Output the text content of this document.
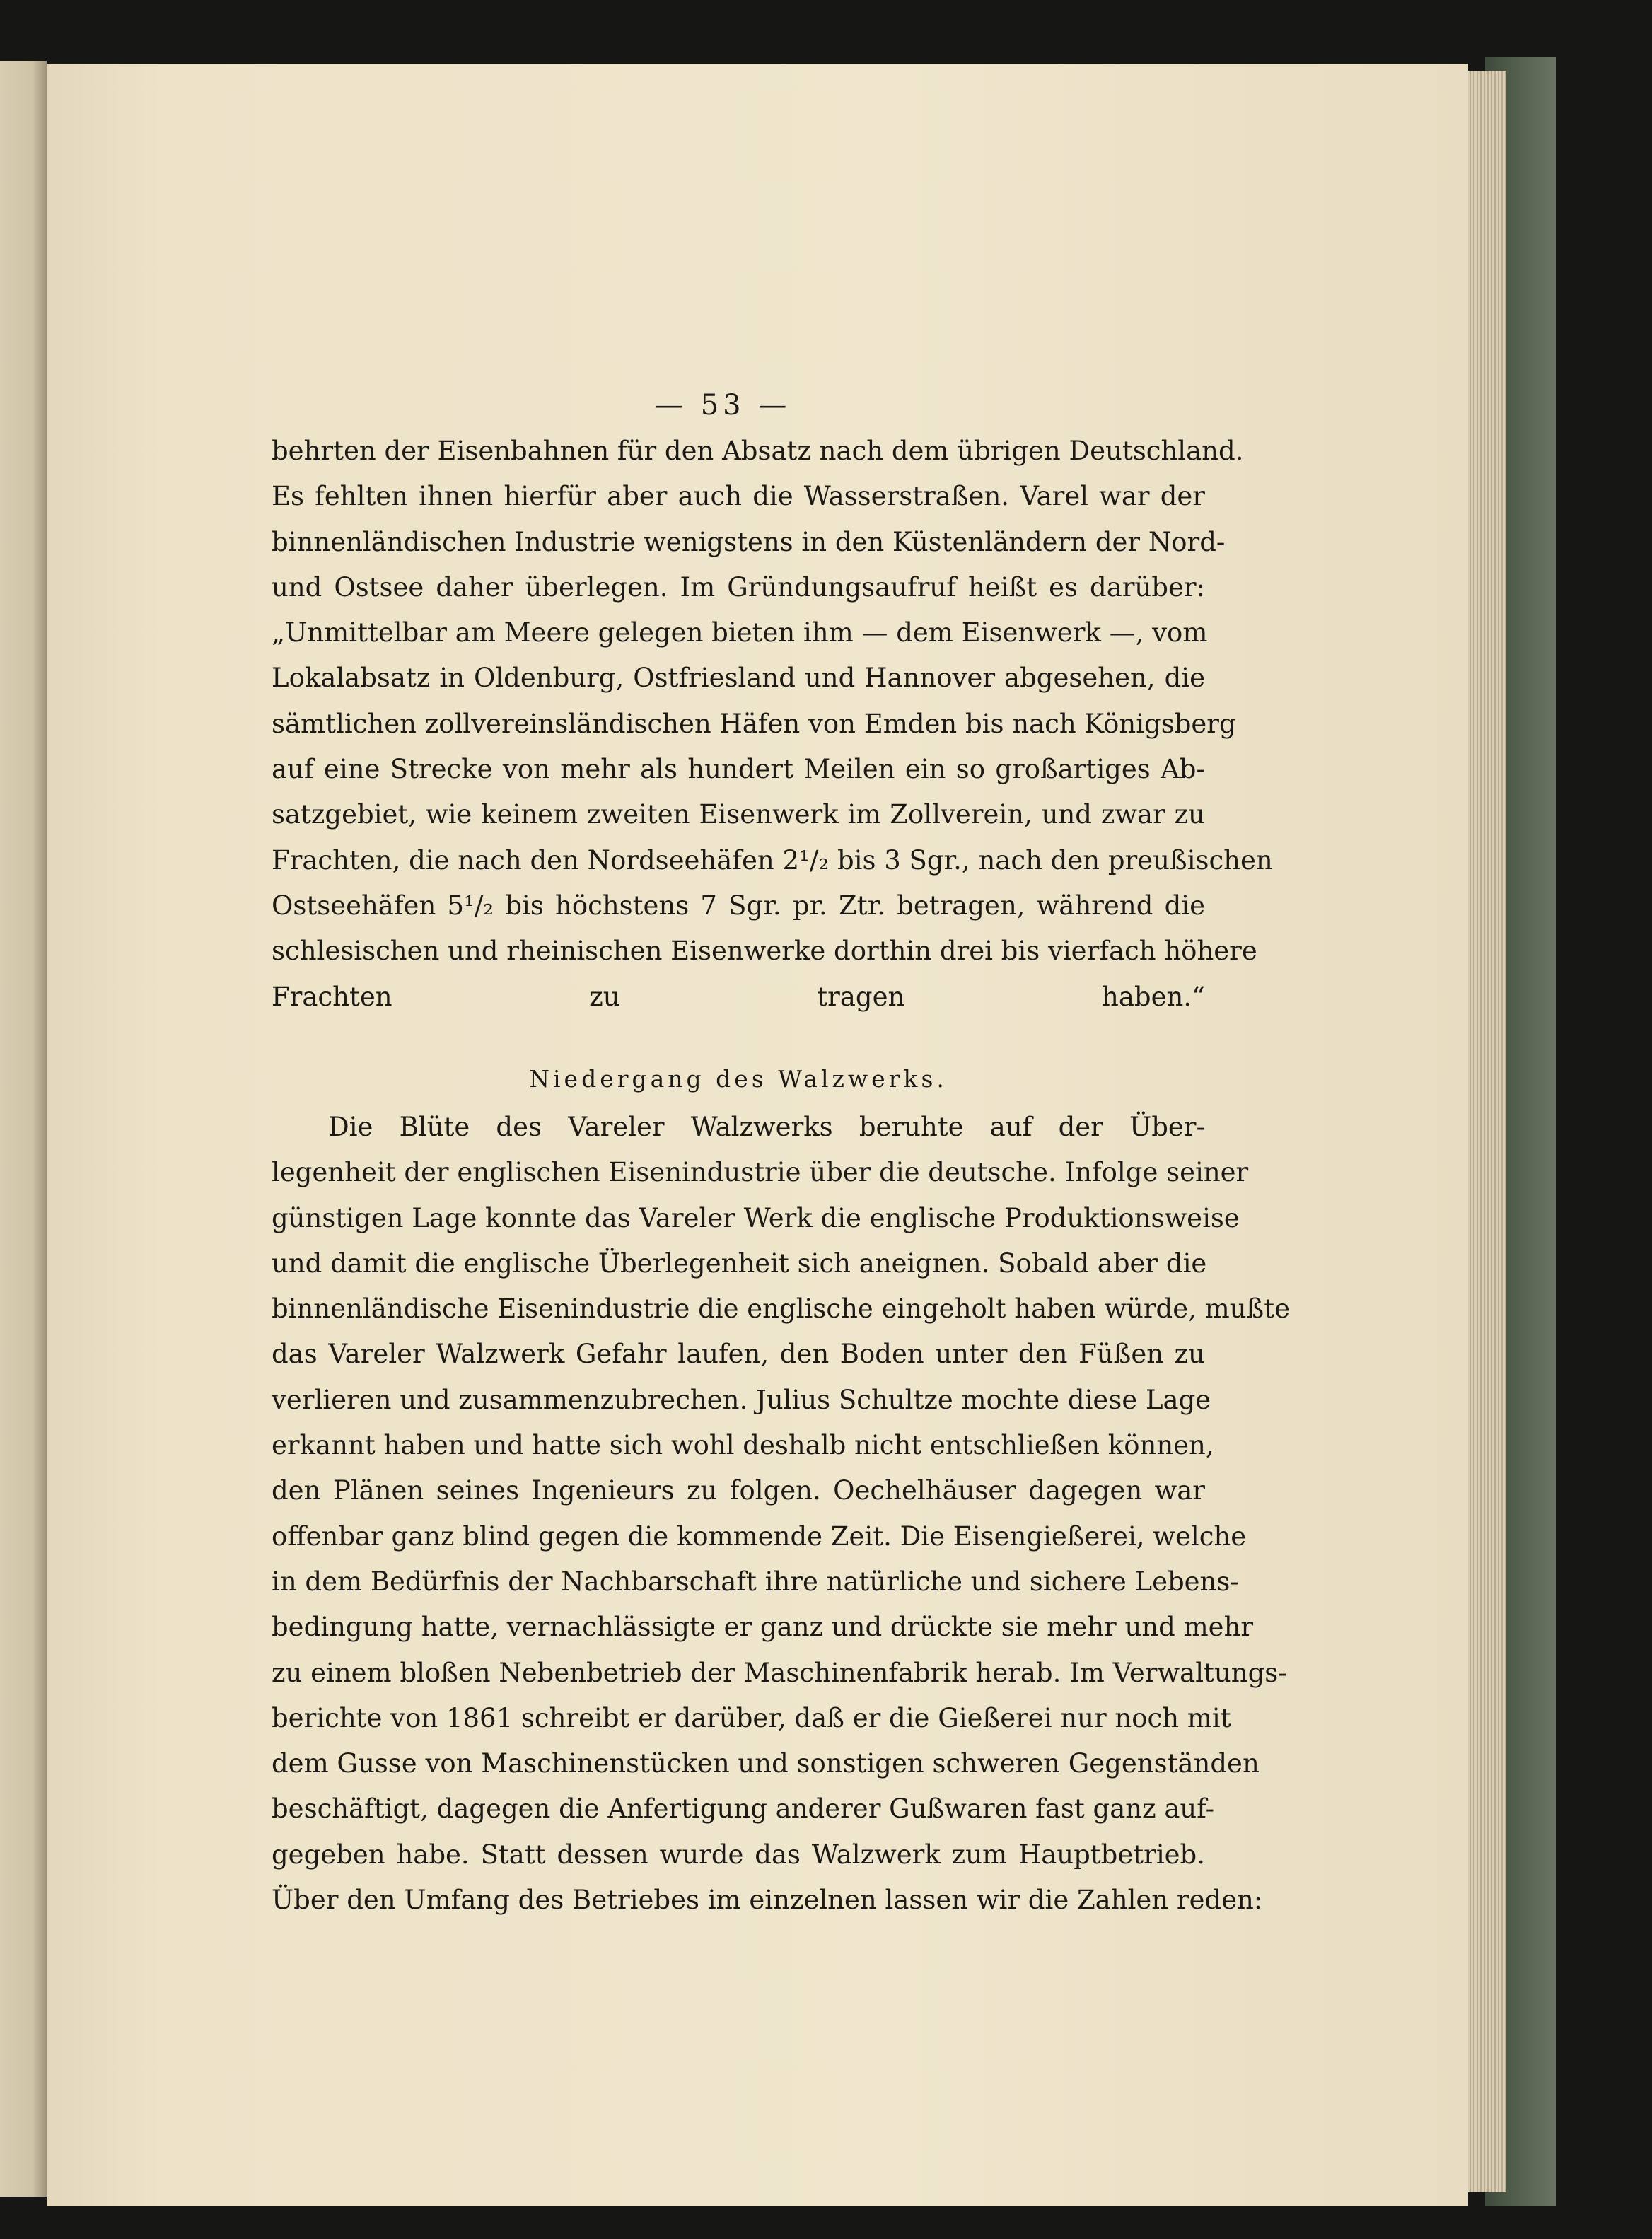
— 53 —
behrten der Eisenbahnen für den Absatz nach dem übrigen Deutschland.
Es fehlten ihnen hierfür aber auch die Wasserstraßen. Varel war der
binnenländischen Industrie wenigstens in den Küstenländern der Nord-
und Ostsee daher überlegen. Im Gründungsaufruf heißt es darüber:
„Unmittelbar am Meere gelegen bieten ihm — dem Eisenwerk —, vom
Lokalabsatz in Oldenburg, Ostfriesland und Hannover abgesehen, die
sämtlichen zollvereinsländischen Häfen von Emden bis nach Königsberg
auf eine Strecke von mehr als hundert Meilen ein so großartiges Ab-
satzgebiet, wie keinem zweiten Eisenwerk im Zollverein, und zwar zu
Frachten, die nach den Nordseehäfen 2¹/₂ bis 3 Sgr., nach den preußischen
Ostseehäfen 5¹/₂ bis höchstens 7 Sgr. pr. Ztr. betragen, während die
schlesischen und rheinischen Eisenwerke dorthin drei bis vierfach höhere
Frachten zu tragen haben.“
Niedergang des Walzwerks.
Die Blüte des Vareler Walzwerks beruhte auf der Über-
legenheit der englischen Eisenindustrie über die deutsche. Infolge seiner
günstigen Lage konnte das Vareler Werk die englische Produktionsweise
und damit die englische Überlegenheit sich aneignen. Sobald aber die
binnenländische Eisenindustrie die englische eingeholt haben würde, mußte
das Vareler Walzwerk Gefahr laufen, den Boden unter den Füßen zu
verlieren und zusammenzubrechen. Julius Schultze mochte diese Lage
erkannt haben und hatte sich wohl deshalb nicht entschließen können,
den Plänen seines Ingenieurs zu folgen. Oechelhäuser dagegen war
offenbar ganz blind gegen die kommende Zeit. Die Eisengießerei, welche
in dem Bedürfnis der Nachbarschaft ihre natürliche und sichere Lebens-
bedingung hatte, vernachlässigte er ganz und drückte sie mehr und mehr
zu einem bloßen Nebenbetrieb der Maschinenfabrik herab. Im Verwaltungs-
berichte von 1861 schreibt er darüber, daß er die Gießerei nur noch mit
dem Gusse von Maschinenstücken und sonstigen schweren Gegenständen
beschäftigt, dagegen die Anfertigung anderer Gußwaren fast ganz auf-
gegeben habe. Statt dessen wurde das Walzwerk zum Hauptbetrieb.
Über den Umfang des Betriebes im einzelnen lassen wir die Zahlen reden:
